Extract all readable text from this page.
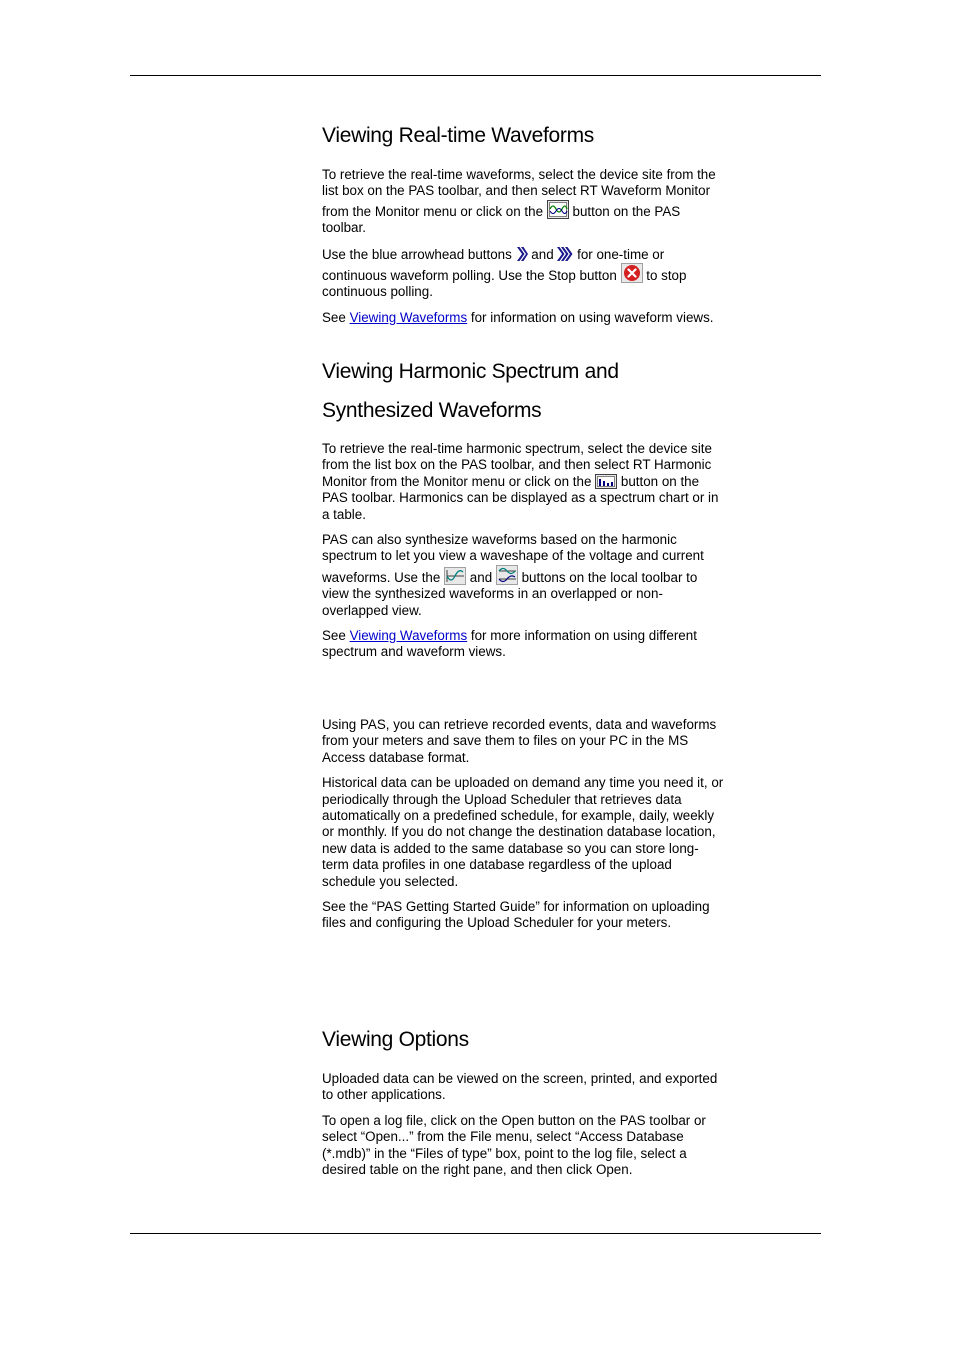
Viewing Real-time Waveforms

To retrieve the real-time waveforms, select the device site from the list box on the PAS toolbar, and then select RT Waveform Monitor from the Monitor menu or click on the button on the PAS toolbar.

Use the blue arrowhead buttons and for one-time or continuous waveform polling. Use the Stop button to stop continuous polling.

See Viewing Waveforms for information on using waveform views.

Viewing Harmonic Spectrum and
Synthesized Waveforms

To retrieve the real-time harmonic spectrum, select the device site from the list box on the PAS toolbar, and then select RT Harmonic Monitor from the Monitor menu or click on the button on the PAS toolbar. Harmonics can be displayed as a spectrum chart or in a table.

PAS can also synthesize waveforms based on the harmonic spectrum to let you view a waveshape of the voltage and current waveforms. Use the and buttons on the local toolbar to view the synthesized waveforms in an overlapped or non-overlapped view.

See Viewing Waveforms for more information on using different spectrum and waveform views.

Using PAS, you can retrieve recorded events, data and waveforms from your meters and save them to files on your PC in the MS Access database format.

Historical data can be uploaded on demand any time you need it, or periodically through the Upload Scheduler that retrieves data automatically on a predefined schedule, for example, daily, weekly or monthly. If you do not change the destination database location, new data is added to the same database so you can store long-term data profiles in one database regardless of the upload schedule you selected.

See the “PAS Getting Started Guide” for information on uploading files and configuring the Upload Scheduler for your meters.

Viewing Options

Uploaded data can be viewed on the screen, printed, and exported to other applications.

To open a log file, click on the Open button on the PAS toolbar or select “Open...” from the File menu, select “Access Database (*.mdb)” in the “Files of type” box, point to the log file, select a desired table on the right pane, and then click Open.
